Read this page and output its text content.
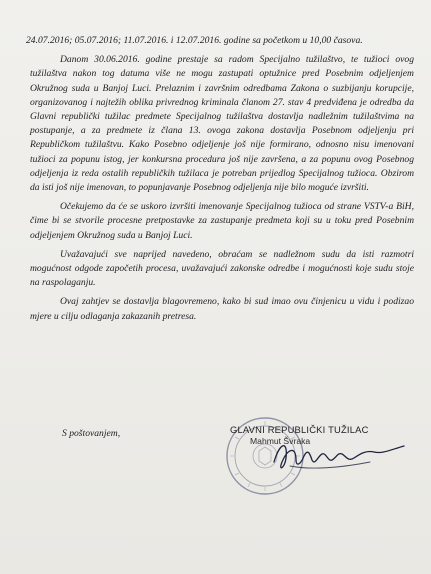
24.07.2016; 05.07.2016; 11.07.2016. i 12.07.2016. godine sa početkom u 10,00 časova.

Danom 30.06.2016. godine prestaje sa radom Specijalno tužilaštvo, te tužioci ovog tužilaštva nakon tog datuma više ne mogu zastupati optužnice pred Posebnim odjeljenjem Okružnog suda u Banjoj Luci. Prelaznim i završnim odredbama Zakona o suzbijanju korupcije, organizovanog i najtežih oblika privrednog kriminala članom 27. stav 4 predviđena je odredba da Glavni republički tužilac predmete Specijalnog tužilaštva dostavlja nadležnim tužilaštvima na postupanje, a za predmete iz člana 13. ovoga zakona dostavlja Posebnom odjeljenju pri Republičkom tužilaštvu. Kako Posebno odjeljenje još nije formirano, odnosno nisu imenovani tužioci za popunu istog, jer konkursna procedura još nije završena, a za popunu ovog Posebnog odjeljenja iz reda ostalih republičkih tužilaca je potreban prijedlog Specijalnog tužioca. Obzirom da isti još nije imenovan, to popunjavanje Posebnog odjeljenja nije bilo moguće izvršiti.

Očekujemo da će se uskoro izvršiti imenovanje Specijalnog tužioca od strane VSTV-a BiH, čime bi se stvorile procesne pretpostavke za zastupanje predmeta koji su u toku pred Posebnim odjeljenjem Okružnog suda u Banjoj Luci.

Uvažavajući sve naprijed navedeno, obraćam se nadležnom sudu da isti razmotri mogućnost odgode započetih procesa, uvažavajući zakonske odredbe i mogućnosti koje sudu stoje na raspolaganju.

Ovaj zahtjev se dostavlja blagovremeno, kako bi sud imao ovu činjenicu u vidu i podizao mjere u cilju odlaganja zakazanih pretresa.

S poštovanjem,	GLAVNI REPUBLIČKI TUŽILAC
Mahmut Švraka
